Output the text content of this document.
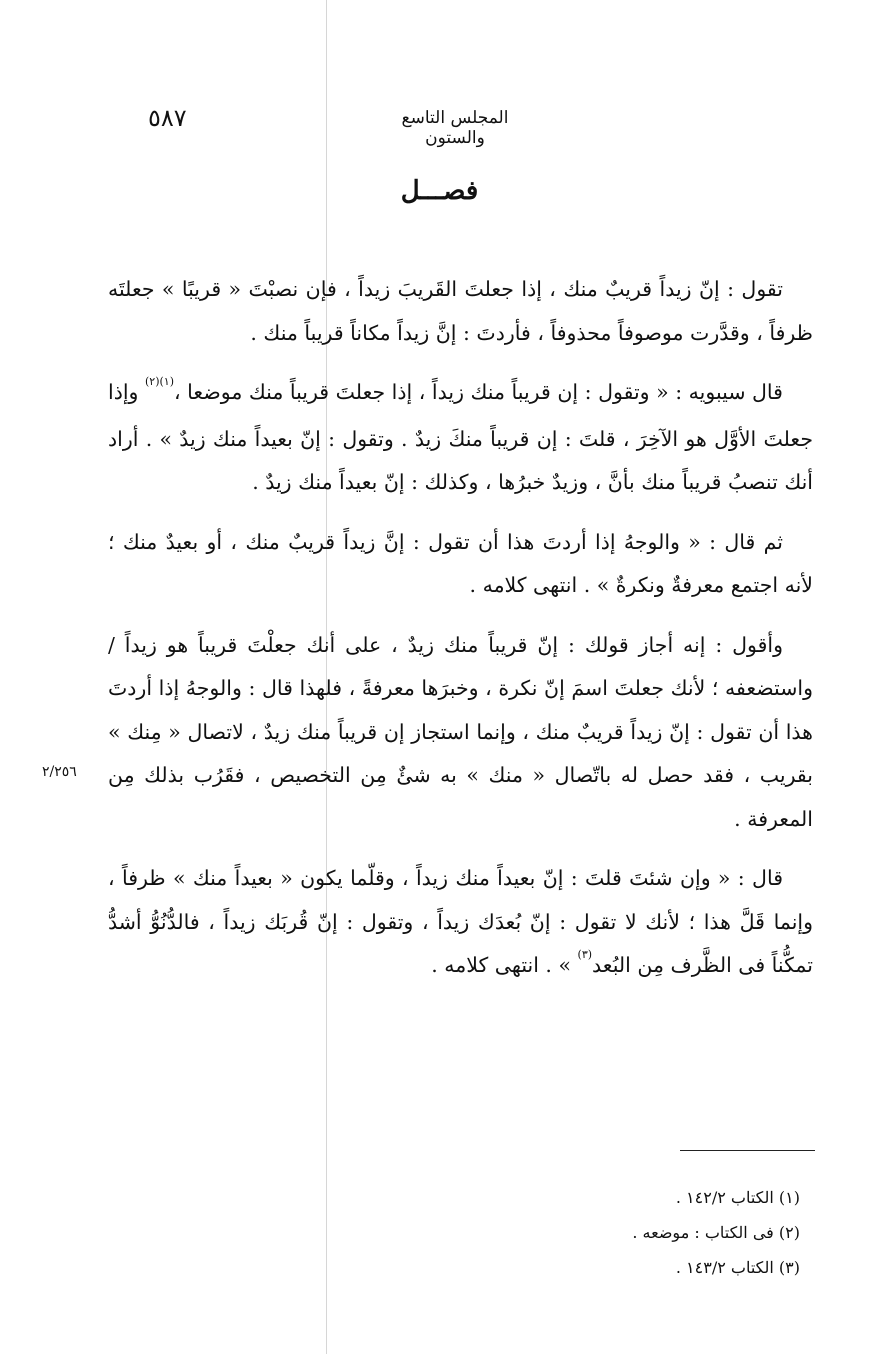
٥٨٧	المجلس التاسع والستون
فصـــل

تقول : إنّ زيداً قريبٌ منك ، إذا جعلتَ القَريبَ زيداً ، فإن نصبْتَ « قريبًا » جعلتَه ظرفاً ، وقدَّرت موصوفاً محذوفاً ، فأردتَ : إنَّ زيداً مكاناً قريباً منك .

قال سيبويه : « وتقول : إن قريباً منك زيداً ، إذا جعلتَ قريباً منك موضعا ،$^{(١)(٢)}$ وإذا جعلتَ الأوَّل هو الآخِرَ ، قلتَ : إن قريباً منكَ زيدٌ . وتقول : إنّ بعيداً منك زيدٌ » . أراد أنك تنصبُ قريباً منك بأنَّ ، وزيدٌ خبرُها ، وكذلك : إنّ بعيداً منك زيدٌ .

ثم قال : « والوجهُ إذا أردتَ هذا أن تقول : إنَّ زيداً قريبٌ منك ، أو بعيدٌ منك ؛ لأنه اجتمع معرفةٌ ونكرةٌ » . انتهى كلامه .

وأقول : إنه أجاز قولك : إنّ قريباً منك زيدٌ ، على أنك جعلْتَ قريباً هو زيداً / واستضعفه ؛ لأنك جعلتَ اسمَ إنّ نكرة ، وخبرَها معرفةً ، فلهذا قال : والوجهُ إذا أردتَ هذا أن تقول : إنّ زيداً قريبٌ منك ، وإنما استجاز إن قريباً منك زيدٌ ، لاتصال « مِنك » بقريب ، فقد حصل له باتّصال « منك » به شئٌ مِن التخصيص ، فقَرُب بذلك مِن المعرفة .

قال : « وإن شئتَ قلتَ : إنّ بعيداً منك زيداً ، وقلّما يكون « بعيداً منك » ظرفاً ، وإنما قَلَّ هذا ؛ لأنك لا تقول : إنّ بُعدَك زيداً ، وتقول : إنّ قُربَك زيداً ، فالدُّنُوُّ أشدُّ تمكُّناً فى الظَّرف مِن البُعد$^{(٣)}$ » . انتهى كلامه .

٢/٢٥٦

(١) الكتاب ١٤٢/٢ .

(٢) فى الكتاب : موضعه .

(٣) الكتاب ١٤٣/٢ .
